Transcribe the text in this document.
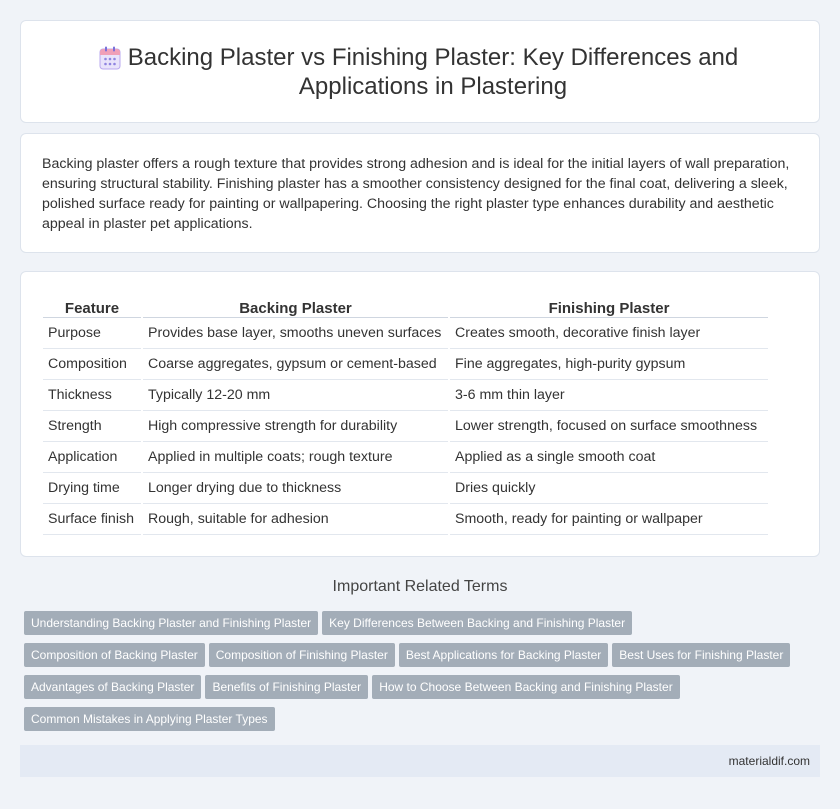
Backing Plaster vs Finishing Plaster: Key Differences and Applications in Plastering

Backing plaster offers a rough texture that provides strong adhesion and is ideal for the initial layers of wall preparation, ensuring structural stability. Finishing plaster has a smoother consistency designed for the final coat, delivering a sleek, polished surface ready for painting or wallpapering. Choosing the right plaster type enhances durability and aesthetic appeal in plaster pet applications.

Feature		Backing Plaster		Finishing Plaster
Purpose		Provides base layer, smooths uneven surfaces		Creates smooth, decorative finish layer
Composition		Coarse aggregates, gypsum or cement-based		Fine aggregates, high-purity gypsum
Thickness		Typically 12-20 mm		3-6 mm thin layer
Strength		High compressive strength for durability		Lower strength, focused on surface smoothness
Application		Applied in multiple coats; rough texture		Applied as a single smooth coat
Drying time		Longer drying due to thickness		Dries quickly
Surface finish		Rough, suitable for adhesion		Smooth, ready for painting or wallpaper
Important Related Terms
Understanding Backing Plaster and Finishing Plaster Key Differences Between Backing and Finishing Plaster
Composition of Backing Plaster Composition of Finishing Plaster Best Applications for Backing Plaster Best Uses for Finishing Plaster
Advantages of Backing Plaster Benefits of Finishing Plaster How to Choose Between Backing and Finishing Plaster
Common Mistakes in Applying Plaster Types
materialdif.com
